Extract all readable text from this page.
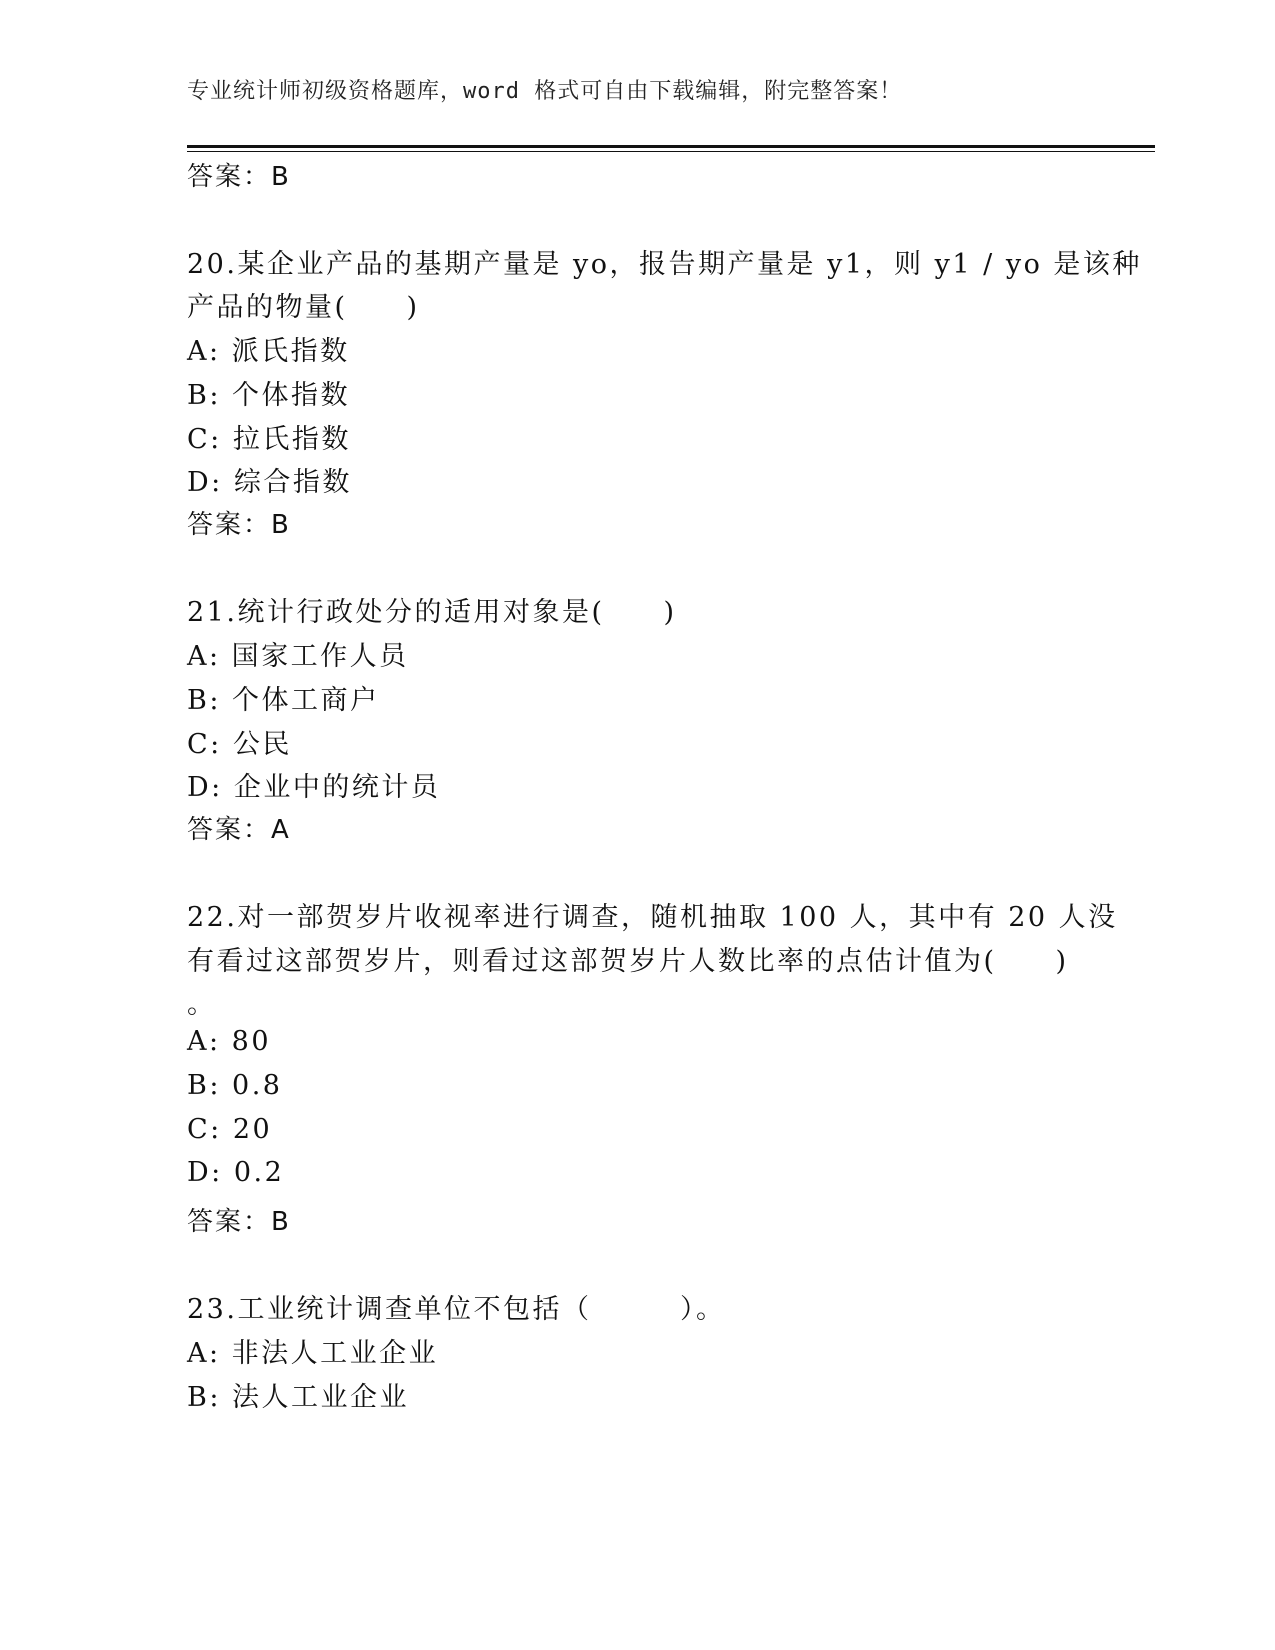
专业统计师初级资格题库，word 格式可自由下载编辑，附完整答案！
答案：B

20.某企业产品的基期产量是 yo，报告期产量是 y1，则 y1 / yo 是该种

产品的物量(　　)

A: 派氏指数

B: 个体指数

C: 拉氏指数

D: 综合指数

答案：B

21.统计行政处分的适用对象是(　　)

A: 国家工作人员

B: 个体工商户

C: 公民

D: 企业中的统计员

答案：A

22.对一部贺岁片收视率进行调查，随机抽取 100 人，其中有 20 人没

有看过这部贺岁片，则看过这部贺岁片人数比率的点估计值为(　　)

。

A: 80

B: 0.8

C: 20

D: 0.2

答案：B

23.工业统计调查单位不包括（　　　）。

A: 非法人工业企业

B: 法人工业企业
